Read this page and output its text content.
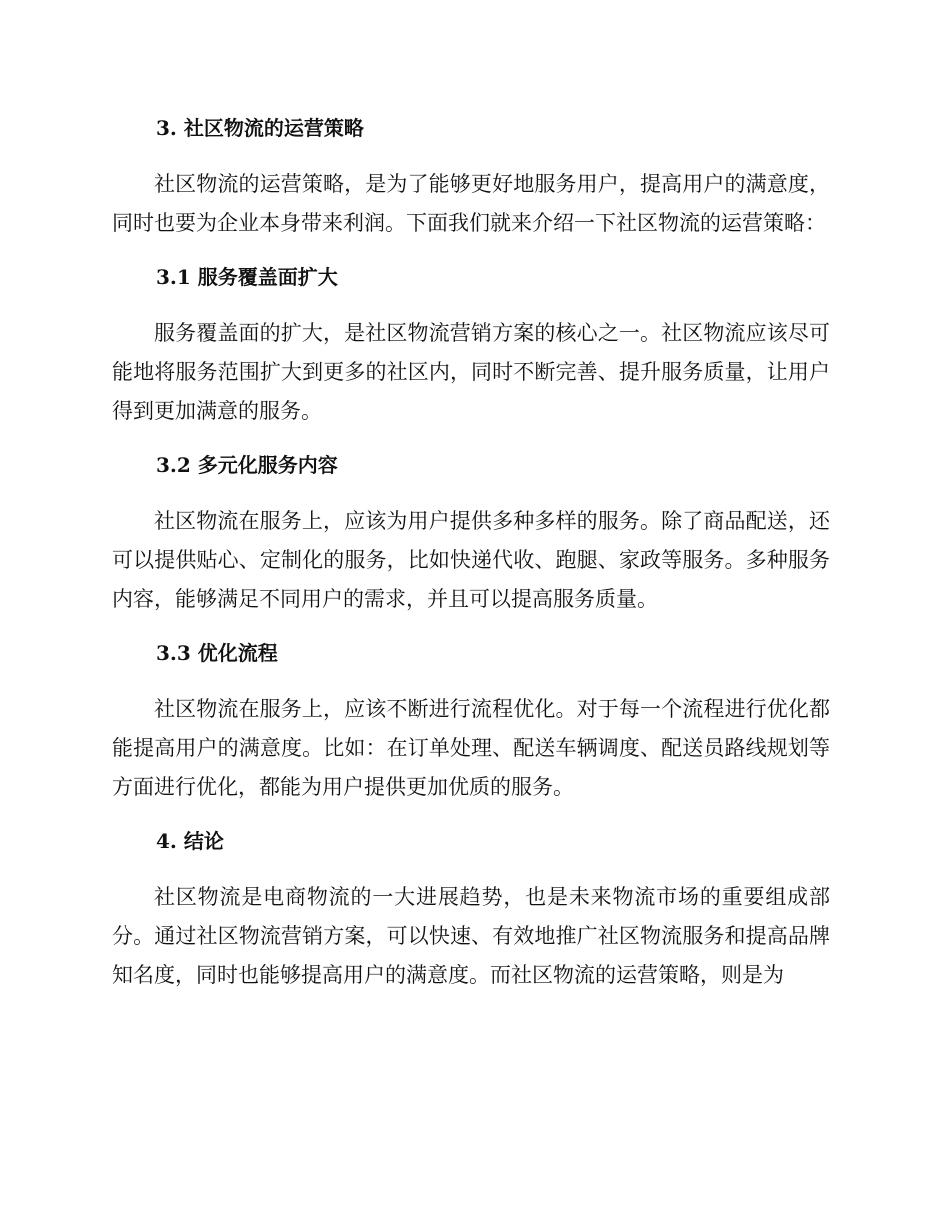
3. 社区物流的运营策略

社区物流的运营策略，是为了能够更好地服务用户，提高用户的满意度，同时也要为企业本身带来利润。下面我们就来介绍一下社区物流的运营策略：

3.1 服务覆盖面扩大

服务覆盖面的扩大，是社区物流营销方案的核心之一。社区物流应该尽可能地将服务范围扩大到更多的社区内，同时不断完善、提升服务质量，让用户得到更加满意的服务。

3.2 多元化服务内容

社区物流在服务上，应该为用户提供多种多样的服务。除了商品配送，还可以提供贴心、定制化的服务，比如快递代收、跑腿、家政等服务。多种服务内容，能够满足不同用户的需求，并且可以提高服务质量。

3.3 优化流程

社区物流在服务上，应该不断进行流程优化。对于每一个流程进行优化都能提高用户的满意度。比如：在订单处理、配送车辆调度、配送员路线规划等方面进行优化，都能为用户提供更加优质的服务。

4. 结论

社区物流是电商物流的一大进展趋势，也是未来物流市场的重要组成部分。通过社区物流营销方案，可以快速、有效地推广社区物流服务和提高品牌知名度，同时也能够提高用户的满意度。而社区物流的运营策略，则是为
